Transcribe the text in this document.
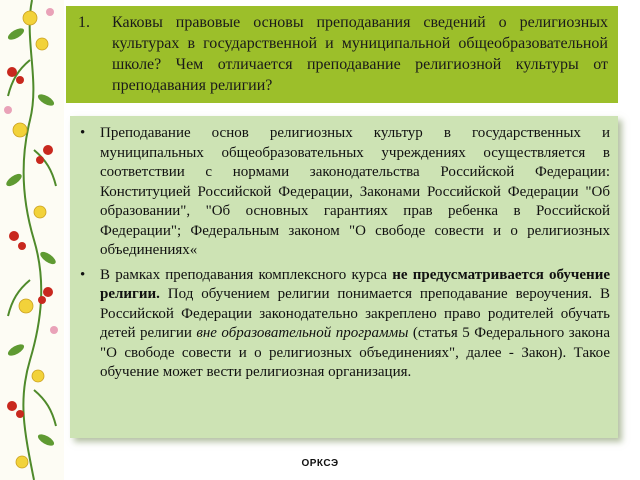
1.	Каковы правовые основы преподавания сведений о религиозных культурах в государственной и муниципальной общеобразовательной школе? Чем отличается преподавание религиозной культуры от преподавания религии?
• Преподавание основ религиозных культур в государственных и муниципальных общеобразовательных учреждениях осуществляется в соответствии с нормами законодательства Российской Федерации: Конституцией Российской Федерации, Законами Российской Федерации "Об образовании", "Об основных гарантиях прав ребенка в Российской Федерации"; Федеральным законом "О свободе совести и о религиозных объединениях«
• В рамках преподавания комплексного курса не предусматривается обучение религии. Под обучением религии понимается преподавание вероучения. В Российской Федерации законодательно закреплено право родителей обучать детей религии вне образовательной программы (статья 5 Федерального закона "О свободе совести и о религиозных объединениях", далее - Закон). Такое обучение может вести религиозная организация.
ОРКСЭ
